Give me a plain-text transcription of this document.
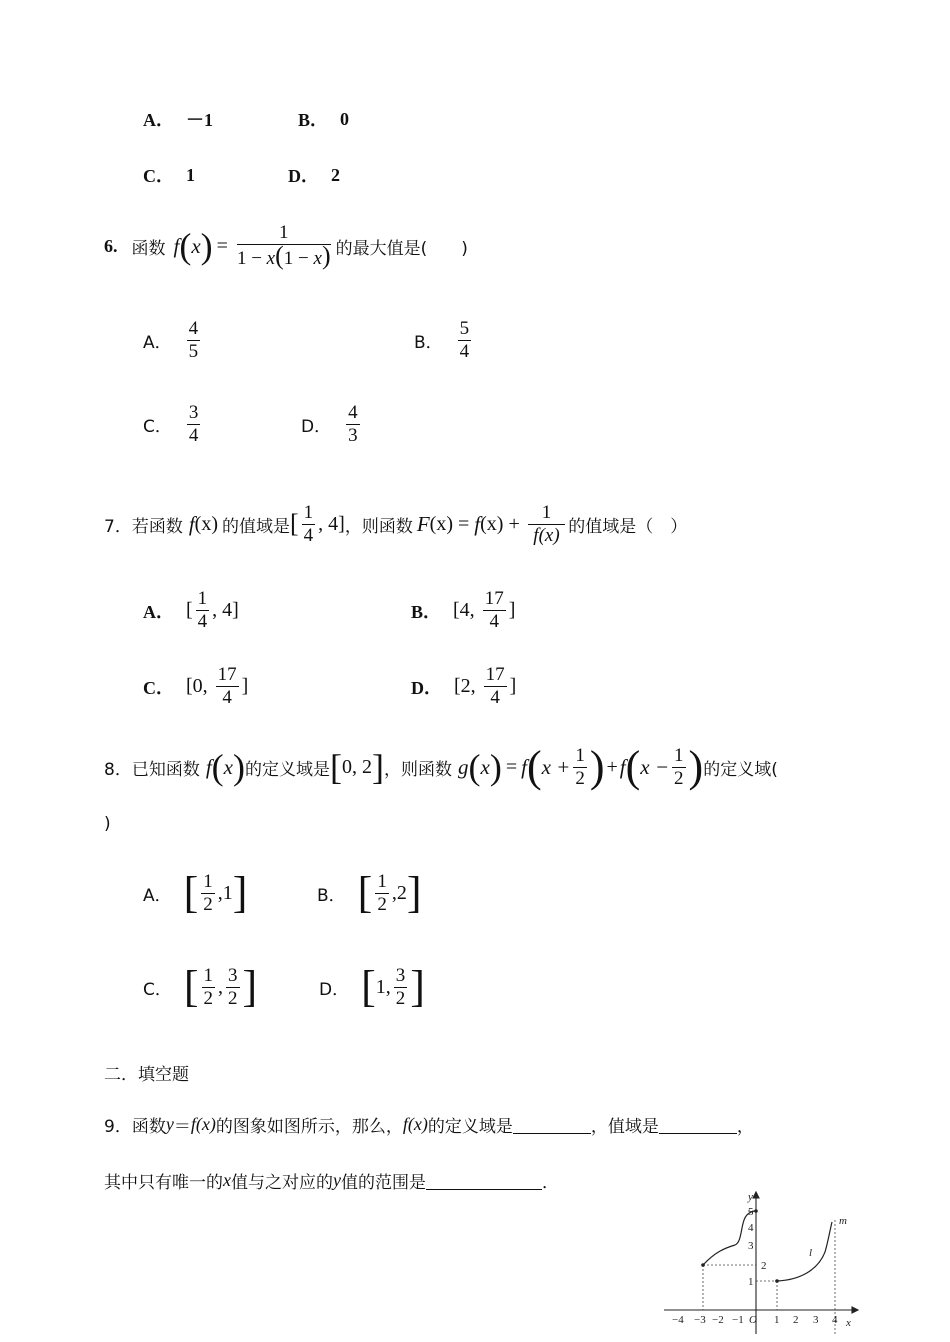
A． －1	B． 0
C． 1	D． 2
6. 函数 f ( x ) = $\frac{1}{1 - x(1 - x)}$ 的最大值是(　　)
A． $\frac{4}{5}$	B． $\frac{5}{4}$
C． $\frac{3}{4}$	D． $\frac{4}{3}$
7． 若函数 f (x) 的值域是 [ $\frac{1}{4}$ , 4] ，则函数 F (x) = f $(x) + \frac{1}{f(x)}$ 的值域是（　）
A． [ $\frac{1}{4}$ , 4]	B． [4, $\frac{17}{4}$ ]
C． [0, $\frac{17}{4}$ ]	D． [2, $\frac{17}{4}$ ]
8． 已知函数 f ( x ) 的定义域是 [ 0, 2 ] ，则函数 g ( x ) = f ( $x + \frac{1}{2}$ ) + f ( $x - \frac{1}{2}$ ) 的定义域(
)
A． [ $\frac{1}{2}$ , 1 ]	B． [ $\frac{1}{2}$ , 2 ]
C． [ $\frac{1}{2}$ , $\frac{3}{2}$ ]	D． [ 1 , $\frac{3}{2}$ ]
二．填空题
9． 函数 y ＝ f (x) 的图象如图所示，那么， f (x) 的定义域是	，值域是	，
其中只有唯一的 x 值与之对应的 y 值的范围是	．
y
x
m
l
O
−4 −3 −2 −1	1 2 3 4
1
2
3
4
5
